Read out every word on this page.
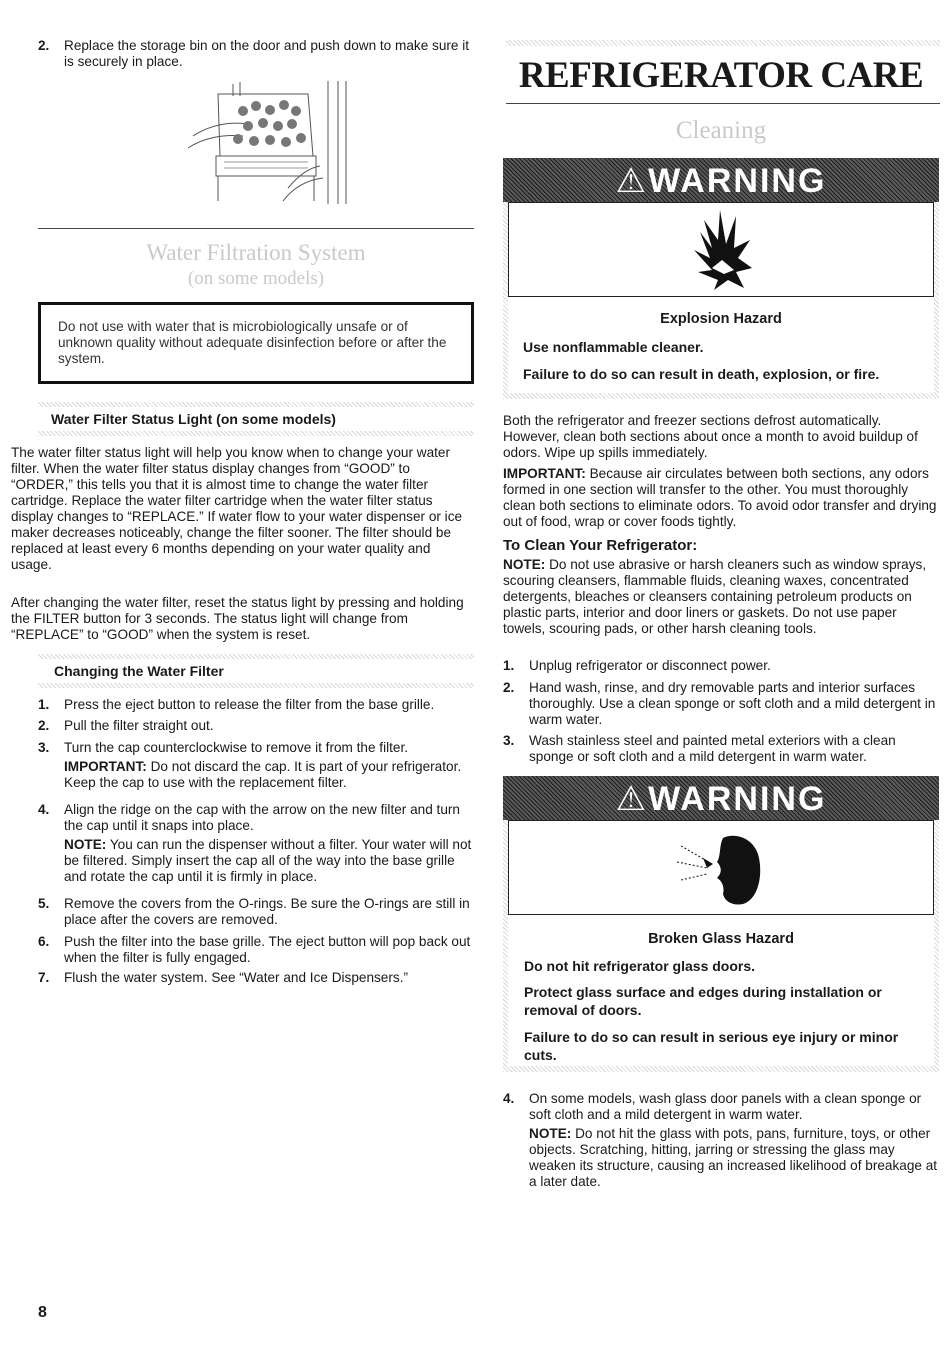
2. Replace the storage bin on the door and push down to make sure it is securely in place.

Water Filtration System
(on some models)

Do not use with water that is microbiologically unsafe or of unknown quality without adequate disinfection before or after the system.

Water Filter Status Light (on some models)

The water filter status light will help you know when to change your water filter. When the water filter status display changes from “GOOD” to “ORDER,” this tells you that it is almost time to change the water filter cartridge. Replace the water filter cartridge when the water filter status display changes to “REPLACE.” If water flow to your water dispenser or ice maker decreases noticeably, change the filter sooner. The filter should be replaced at least every 6 months depending on your water quality and usage.

After changing the water filter, reset the status light by pressing and holding the FILTER button for 3 seconds. The status light will change from “REPLACE” to “GOOD” when the system is reset.

Changing the Water Filter
1. Press the eject button to release the filter from the base grille.

2. Pull the filter straight out.

3. Turn the cap counterclockwise to remove it from the filter.

IMPORTANT: Do not discard the cap. It is part of your refrigerator. Keep the cap to use with the replacement filter.

4. Align the ridge on the cap with the arrow on the new filter and turn the cap until it snaps into place.

NOTE: You can run the dispenser without a filter. Your water will not be filtered. Simply insert the cap all of the way into the base grille and rotate the cap until it is firmly in place.

5. Remove the covers from the O-rings. Be sure the O-rings are still in place after the covers are removed.

6. Push the filter into the base grille. The eject button will pop back out when the filter is fully engaged.

7. Flush the water system. See “Water and Ice Dispensers.”

8
REFRIGERATOR CARE
Cleaning
⚠WARNING
Explosion Hazard
Use nonflammable cleaner.
Failure to do so can result in death, explosion, or fire.

Both the refrigerator and freezer sections defrost automatically. However, clean both sections about once a month to avoid buildup of odors. Wipe up spills immediately.

IMPORTANT: Because air circulates between both sections, any odors formed in one section will transfer to the other. You must thoroughly clean both sections to eliminate odors. To avoid odor transfer and drying out of food, wrap or cover foods tightly.

To Clean Your Refrigerator:

NOTE: Do not use abrasive or harsh cleaners such as window sprays, scouring cleansers, flammable fluids, cleaning waxes, concentrated detergents, bleaches or cleansers containing petroleum products on plastic parts, interior and door liners or gaskets. Do not use paper towels, scouring pads, or other harsh cleaning tools.

1. Unplug refrigerator or disconnect power.

2. Hand wash, rinse, and dry removable parts and interior surfaces thoroughly. Use a clean sponge or soft cloth and a mild detergent in warm water.

3. Wash stainless steel and painted metal exteriors with a clean sponge or soft cloth and a mild detergent in warm water.

⚠WARNING
Broken Glass Hazard
Do not hit refrigerator glass doors.
Protect glass surface and edges during installation or removal of doors.
Failure to do so can result in serious eye injury or minor cuts.
4. On some models, wash glass door panels with a clean sponge or soft cloth and a mild detergent in warm water.

NOTE: Do not hit the glass with pots, pans, furniture, toys, or other objects. Scratching, hitting, jarring or stressing the glass may weaken its structure, causing an increased likelihood of breakage at a later date.
